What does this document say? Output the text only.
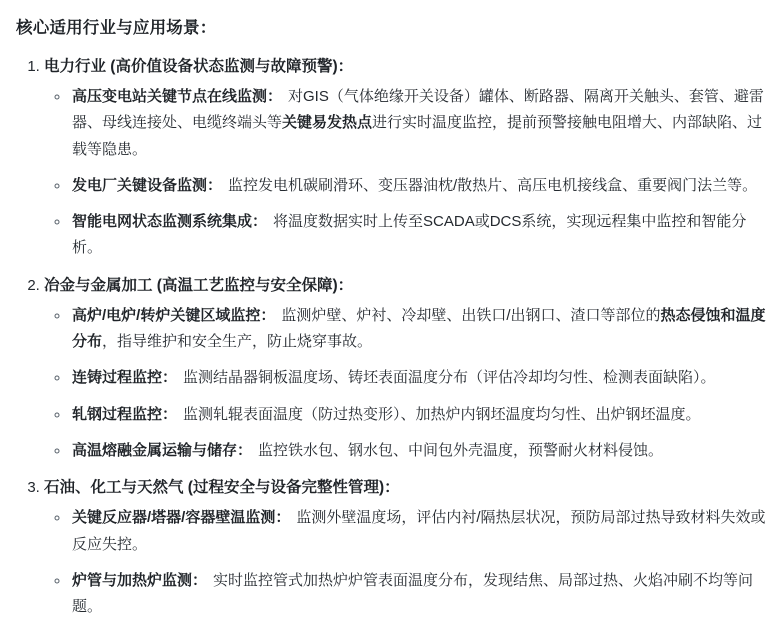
核心适用行业与应用场景：
1. 电力行业 (高价值设备状态监测与故障预警)：
◦ 高压变电站关键节点在线监测： 对GIS（气体绝缘开关设备）罐体、断路器、隔离开关触头、套管、避雷器、母线连接处、电缆终端头等关键易发热点进行实时温度监控，提前预警接触电阻增大、内部缺陷、过载等隐患。
◦ 发电厂关键设备监测： 监控发电机碳刷滑环、变压器油枕/散热片、高压电机接线盒、重要阀门法兰等。
◦ 智能电网状态监测系统集成： 将温度数据实时上传至SCADA或DCS系统，实现远程集中监控和智能分析。
2. 冶金与金属加工 (高温工艺监控与安全保障)：
◦ 高炉/电炉/转炉关键区域监控： 监测炉壁、炉衬、冷却壁、出铁口/出钢口、渣口等部位的热态侵蚀和温度分布，指导维护和安全生产，防止烧穿事故。
◦ 连铸过程监控： 监测结晶器铜板温度场、铸坯表面温度分布（评估冷却均匀性、检测表面缺陷）。
◦ 轧钢过程监控： 监测轧辊表面温度（防过热变形）、加热炉内钢坯温度均匀性、出炉钢坯温度。
◦ 高温熔融金属运输与储存： 监控铁水包、钢水包、中间包外壳温度，预警耐火材料侵蚀。
3. 石油、化工与天然气 (过程安全与设备完整性管理)：
◦ 关键反应器/塔器/容器壁温监测： 监测外壁温度场，评估内衬/隔热层状况，预防局部过热导致材料失效或反应失控。
◦ 炉管与加热炉监测： 实时监控管式加热炉炉管表面温度分布，发现结焦、局部过热、火焰冲刷不均等问题。
